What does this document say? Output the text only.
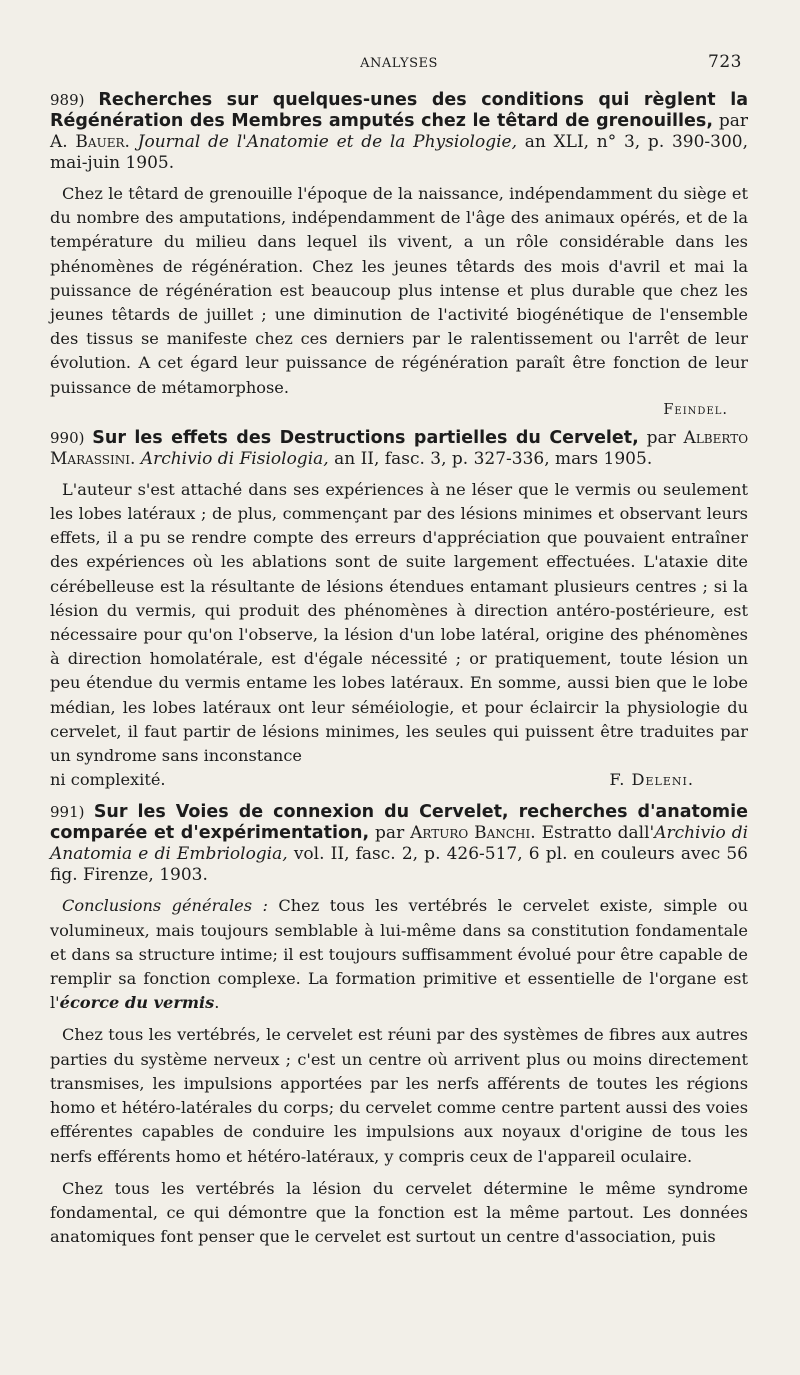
ANALYSES	723

989) Recherches sur quelques-unes des conditions qui règlent la Régénération des Membres amputés chez le têtard de grenouilles, par A. Bauer. Journal de l'Anatomie et de la Physiologie, an XLI, n° 3, p. 390-300, mai-juin 1905.

Chez le têtard de grenouille l'époque de la naissance, indépendamment du siège et du nombre des amputations, indépendamment de l'âge des animaux opérés, et de la température du milieu dans lequel ils vivent, a un rôle considérable dans les phénomènes de régénération. Chez les jeunes têtards des mois d'avril et mai la puissance de régénération est beaucoup plus intense et plus durable que chez les jeunes têtards de juillet ; une diminution de l'activité biogénétique de l'ensemble des tissus se manifeste chez ces derniers par le ralentissement ou l'arrêt de leur évolution. A cet égard leur puissance de régénération paraît être fonction de leur puissance de métamorphose.

Feindel.

990) Sur les effets des Destructions partielles du Cervelet, par Alberto Marassini. Archivio di Fisiologia, an II, fasc. 3, p. 327-336, mars 1905.

L'auteur s'est attaché dans ses expériences à ne léser que le vermis ou seulement les lobes latéraux ; de plus, commençant par des lésions minimes et observant leurs effets, il a pu se rendre compte des erreurs d'appréciation que pouvaient entraîner des expériences où les ablations sont de suite largement effectuées. L'ataxie dite cérébelleuse est la résultante de lésions étendues entamant plusieurs centres ; si la lésion du vermis, qui produit des phénomènes à direction antéro-postérieure, est nécessaire pour qu'on l'observe, la lésion d'un lobe latéral, origine des phénomènes à direction homolatérale, est d'égale nécessité ; or pratiquement, toute lésion un peu étendue du vermis entame les lobes latéraux. En somme, aussi bien que le lobe médian, les lobes latéraux ont leur séméiologie, et pour éclaircir la physiologie du cervelet, il faut partir de lésions minimes, les seules qui puissent être traduites par un syndrome sans inconstance

ni complexité.	F. Deleni.

991) Sur les Voies de connexion du Cervelet, recherches d'anatomie comparée et d'expérimentation, par Arturo Banchi. Estratto dall'Archivio di Anatomia e di Embriologia, vol. II, fasc. 2, p. 426-517, 6 pl. en couleurs avec 56 fig. Firenze, 1903.

Conclusions générales : Chez tous les vertébrés le cervelet existe, simple ou volumineux, mais toujours semblable à lui-même dans sa constitution fondamentale et dans sa structure intime; il est toujours suffisamment évolué pour être capable de remplir sa fonction complexe. La formation primitive et essentielle de l'organe est l'écorce du vermis.

Chez tous les vertébrés, le cervelet est réuni par des systèmes de fibres aux autres parties du système nerveux ; c'est un centre où arrivent plus ou moins directement transmises, les impulsions apportées par les nerfs afférents de toutes les régions homo et hétéro-latérales du corps; du cervelet comme centre partent aussi des voies efférentes capables de conduire les impulsions aux noyaux d'origine de tous les nerfs efférents homo et hétéro-latéraux, y compris ceux de l'appareil oculaire.

Chez tous les vertébrés la lésion du cervelet détermine le même syndrome fondamental, ce qui démontre que la fonction est la même partout. Les données anatomiques font penser que le cervelet est surtout un centre d'association, puis
